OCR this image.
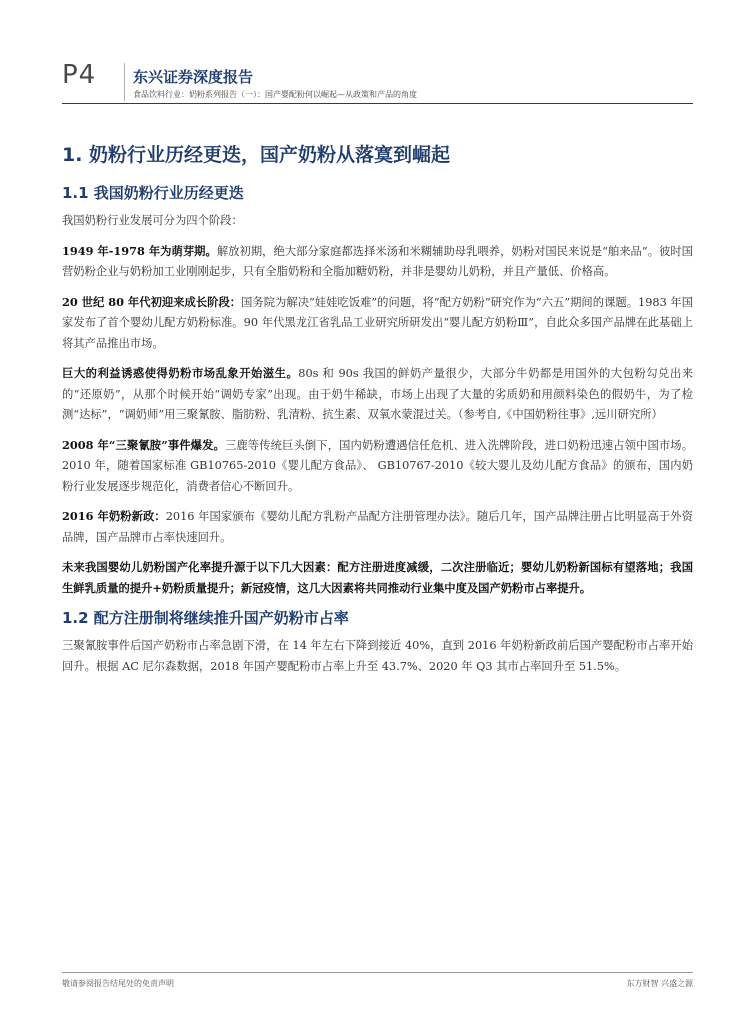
P4 东兴证券深度报告
食品饮料行业：奶粉系列报告（一）：国产婴配粉何以崛起—从政策和产品的角度
1. 奶粉行业历经更迭，国产奶粉从落寞到崛起
1.1 我国奶粉行业历经更迭

我国奶粉行业发展可分为四个阶段：

1949 年-1978 年为萌芽期。解放初期，绝大部分家庭都选择米汤和米糊辅助母乳喂养，奶粉对国民来说是“舶来品”。彼时国营奶粉企业与奶粉加工业刚刚起步，只有全脂奶粉和全脂加糖奶粉，并非是婴幼儿奶粉，并且产量低、价格高。

20 世纪 80 年代初迎来成长阶段：国务院为解决“娃娃吃饭难”的问题，将“配方奶粉”研究作为“六五”期间的课题。1983 年国家发布了首个婴幼儿配方奶粉标准。90 年代黑龙江省乳品工业研究所研发出“婴儿配方奶粉Ⅲ”，自此众多国产品牌在此基础上将其产品推出市场。

巨大的利益诱惑使得奶粉市场乱象开始滋生。80s 和 90s 我国的鲜奶产量很少，大部分牛奶都是用国外的大包粉勾兑出来的“还原奶”，从那个时候开始“调奶专家”出现。由于奶牛稀缺，市场上出现了大量的劣质奶和用颜料染色的假奶牛，为了检测“达标”，“调奶师”用三聚氰胺、脂肪粉、乳清粉、抗生素、双氧水蒙混过关。（参考自,《中国奶粉往事》,远川研究所）

2008 年“三聚氰胺”事件爆发。三鹿等传统巨头倒下，国内奶粉遭遇信任危机、进入洗牌阶段，进口奶粉迅速占领中国市场。2010 年，随着国家标准 GB10765-2010《婴儿配方食品》、 GB10767-2010《较大婴儿及幼儿配方食品》的颁布，国内奶粉行业发展逐步规范化，消费者信心不断回升。

2016 年奶粉新政：2016 年国家颁布《婴幼儿配方乳粉产品配方注册管理办法》。随后几年，国产品牌注册占比明显高于外资品牌，国产品牌市占率快速回升。

未来我国婴幼儿奶粉国产化率提升源于以下几大因素：配方注册进度减缓，二次注册临近；婴幼儿奶粉新国标有望落地；我国生鲜乳质量的提升+奶粉质量提升；新冠疫情，这几大因素将共同推动行业集中度及国产奶粉市占率提升。

1.2 配方注册制将继续推升国产奶粉市占率

三聚氰胺事件后国产奶粉市占率急剧下滑，在 14 年左右下降到接近 40%，直到 2016 年奶粉新政前后国产婴配粉市占率开始回升。根据 AC 尼尔森数据，2018 年国产婴配粉市占率上升至 43.7%、2020 年 Q3 其市占率回升至 51.5%。

敬请参阅报告结尾处的免责声明	东方财智 兴盛之源
